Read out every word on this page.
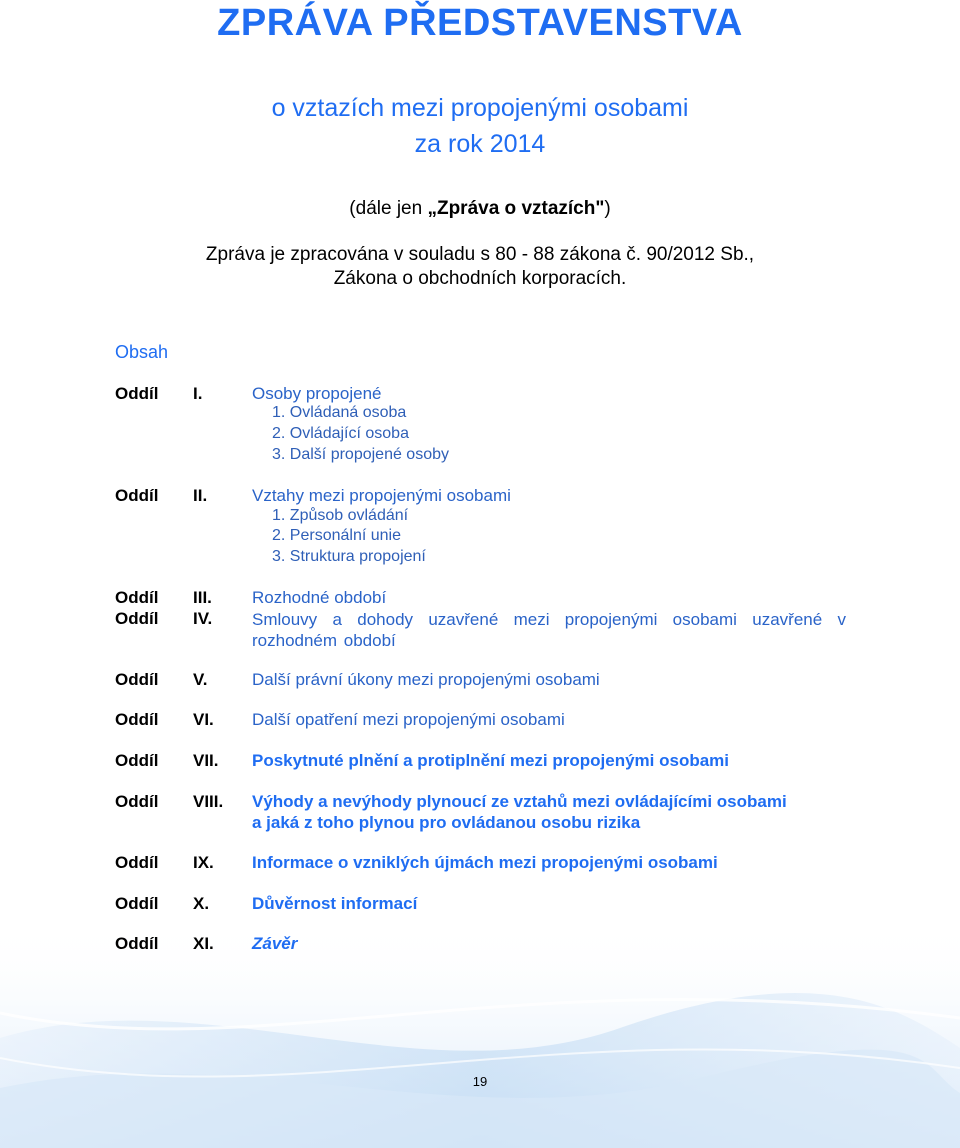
ZPRÁVA PŘEDSTAVENSTVA
o vztazích mezi propojenými osobami
za rok 2014
(dále jen „Zpráva o vztazích")
Zpráva je zpracována v souladu s 80 - 88 zákona č. 90/2012 Sb.,
Zákona o obchodních korporacích.
Obsah
Oddíl I.	Osoby propojené
1. Ovládaná osoba
2. Ovládající osoba
3. Další propojené osoby
Oddíl II.	Vztahy mezi propojenými osobami
1. Způsob ovládání
2. Personální unie
3. Struktura propojení
Oddíl III. Rozhodné období
Oddíl IV. Smlouvy a dohody uzavřené mezi propojenými osobami uzavřené v rozhodném období
Oddíl V.	Další právní úkony mezi propojenými osobami
Oddíl VI. Další opatření mezi propojenými osobami
Oddíl VII. Poskytnuté plnění a protiplnění mezi propojenými osobami
Oddíl VIII. Výhody a nevýhody plynoucí ze vztahů mezi ovládajícími osobami
a jaká z toho plynou pro ovládanou osobu rizika
Oddíl IX. Informace o vzniklých újmách mezi propojenými osobami
Oddíl X.	Důvěrnost informací
Oddíl XI. Závěr
19
